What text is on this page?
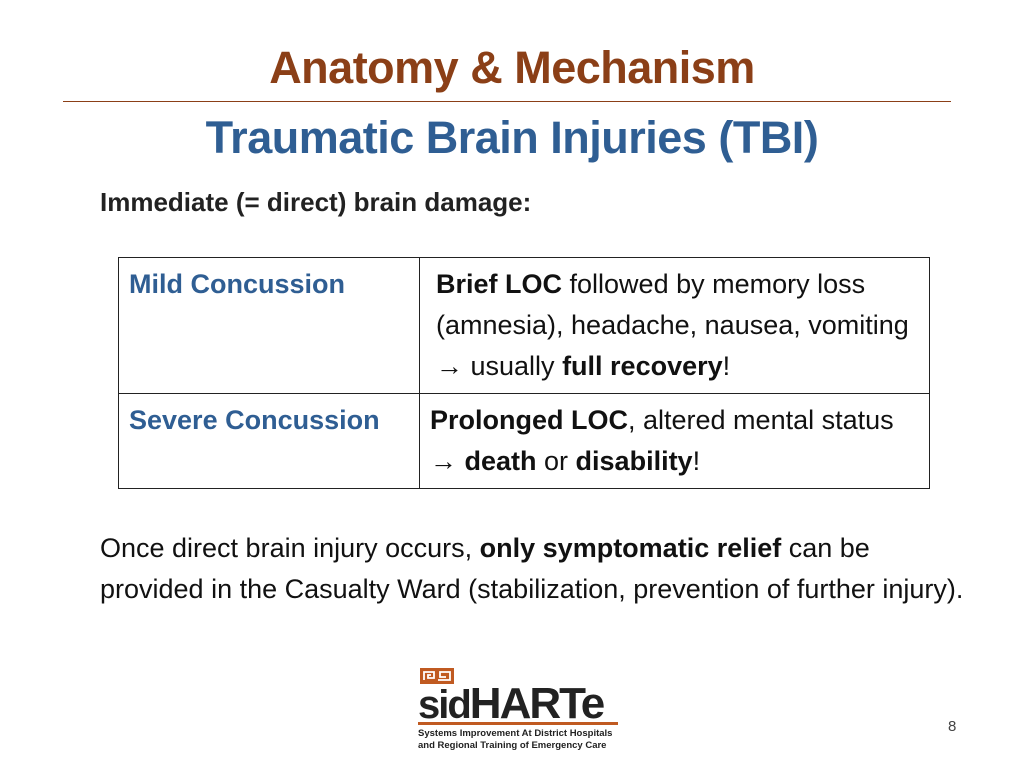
Anatomy & Mechanism
Traumatic Brain Injuries (TBI)
Immediate (= direct) brain damage:
Mild Concussion	Brief LOC followed by memory loss (amnesia), headache, nausea, vomiting → usually full recovery!
Severe Concussion	Prolonged LOC, altered mental status → death or disability!
Once direct brain injury occurs, only symptomatic relief can be provided in the Casualty Ward (stabilization, prevention of further injury).
sidHARTe
Systems Improvement At District Hospitals
and Regional Training of Emergency Care
8
